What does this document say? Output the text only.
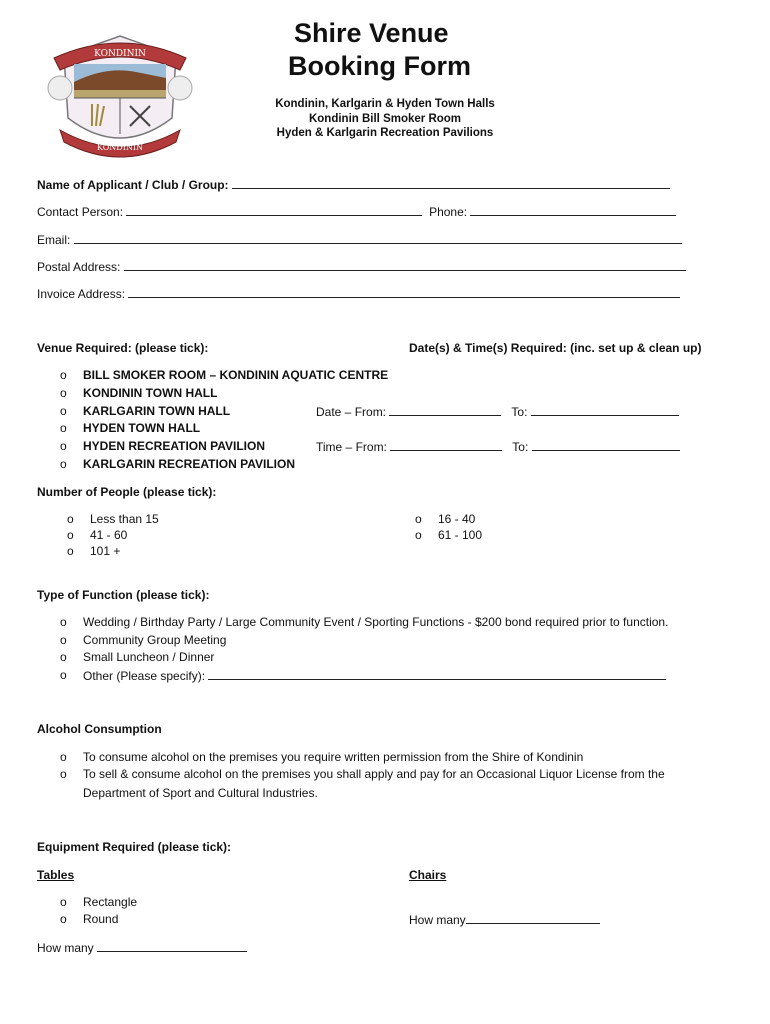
KONDININ
KONDININ
Shire Venue
Booking Form
Kondinin, Karlgarin & Hyden Town Halls
Kondinin Bill Smoker Room
Hyden & Karlgarin Recreation Pavilions
Name of Applicant / Club / Group:
Contact Person:	Phone:
Email:
Postal Address:
Invoice Address:
Venue Required: (please tick):	Date(s) & Time(s) Required: (inc. set up & clean up)
o BILL SMOKER ROOM – KONDININ AQUATIC CENTRE
o KONDININ TOWN HALL
o KARLGARIN TOWN HALL
o HYDEN TOWN HALL
o HYDEN RECREATION PAVILION
o KARLGARIN RECREATION PAVILION
Date – From:	To:
Time – From:	To:
Number of People (please tick):
o Less than 15
o 41 - 60
o 101 +
o 16 - 40
o 61 - 100
Type of Function (please tick):
o Wedding / Birthday Party / Large Community Event / Sporting Functions - $200 bond required prior to function.
o Community Group Meeting
o Small Luncheon / Dinner
o Other (Please specify):
Alcohol Consumption
o To consume alcohol on the premises you require written permission from the Shire of Kondinin
o To sell & consume alcohol on the premises you shall apply and pay for an Occasional Liquor License from the
Department of Sport and Cultural Industries.
Equipment Required (please tick):
Tables	Chairs
o Rectangle
o Round	How many
How many
